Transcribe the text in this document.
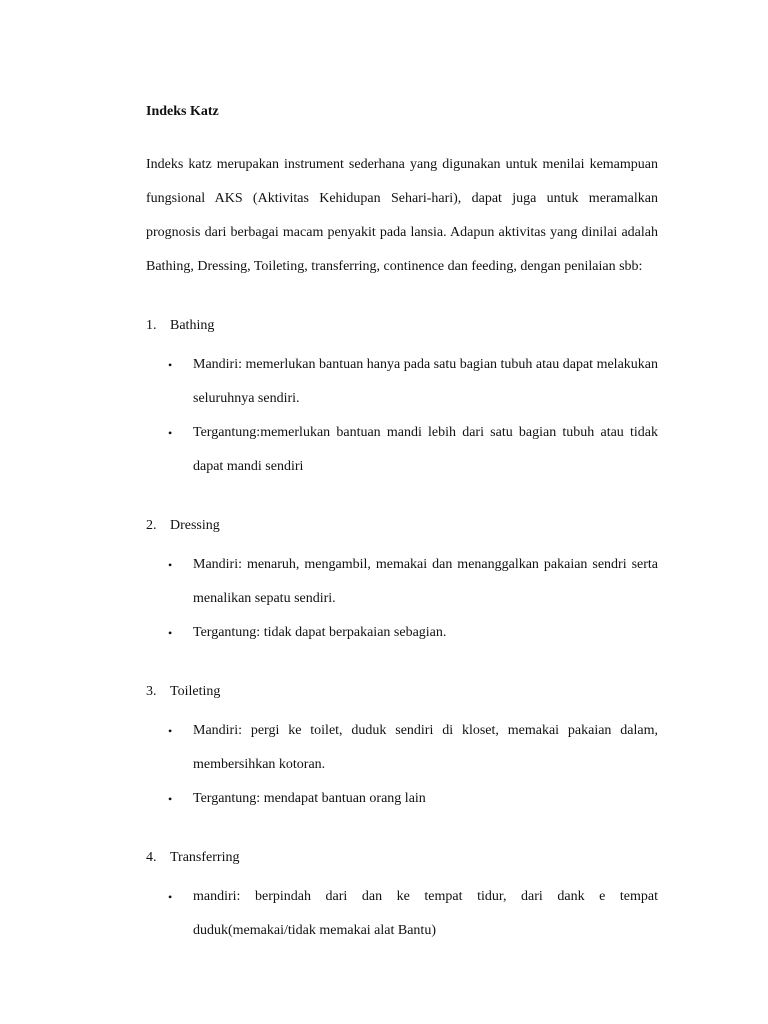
Indeks Katz

Indeks katz merupakan instrument sederhana yang digunakan untuk menilai kemampuan fungsional AKS (Aktivitas Kehidupan Sehari-hari), dapat juga untuk meramalkan prognosis dari berbagai macam penyakit pada lansia. Adapun aktivitas yang dinilai adalah Bathing, Dressing, Toileting, transferring, continence dan feeding, dengan penilaian sbb:

1. Bathing
• Mandiri: memerlukan bantuan hanya pada satu bagian tubuh atau dapat melakukan seluruhnya sendiri.
• Tergantung:memerlukan bantuan mandi lebih dari satu bagian tubuh atau tidak dapat mandi sendiri
2. Dressing
• Mandiri: menaruh, mengambil, memakai dan menanggalkan pakaian sendri serta menalikan sepatu sendiri.
• Tergantung: tidak dapat berpakaian sebagian.
3. Toileting
• Mandiri: pergi ke toilet, duduk sendiri di kloset, memakai pakaian dalam, membersihkan kotoran.
• Tergantung: mendapat bantuan orang lain
4. Transferring
• mandiri: berpindah dari dan ke tempat tidur, dari dank e tempat duduk(memakai/tidak memakai alat Bantu)
